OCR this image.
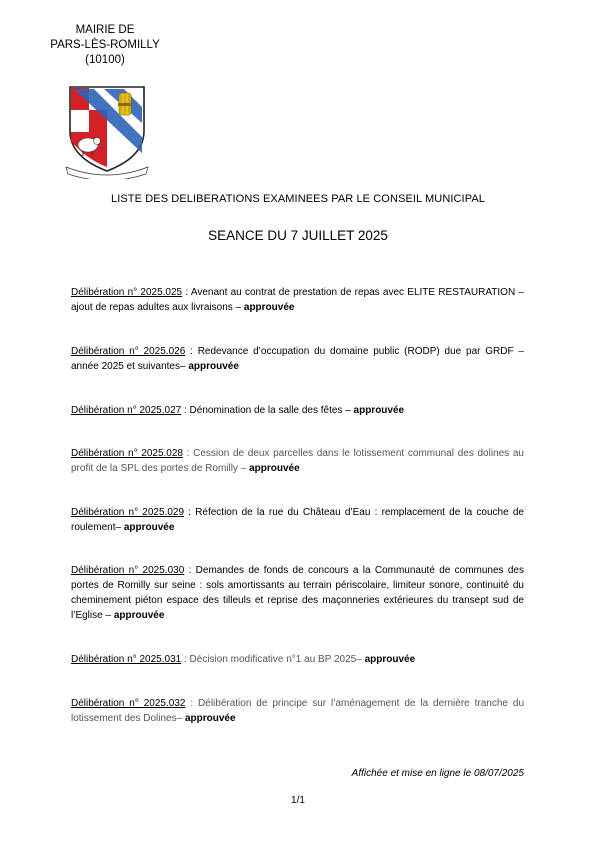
MAIRIE DE
PARS-LÈS-ROMILLY
(10100)
LISTE DES DELIBERATIONS EXAMINEES PAR LE CONSEIL MUNICIPAL
SEANCE DU 7 JUILLET 2025
Délibération n° 2025.025 : Avenant au contrat de prestation de repas avec ELITE RESTAURATION – ajout de repas adultes aux livraisons – approuvée
Délibération n° 2025.026 : Redevance d’occupation du domaine public (RODP) due par GRDF – année 2025 et suivantes– approuvée
Délibération n° 2025.027 : Dénomination de la salle des fêtes – approuvée
Délibération n° 2025.028 : Cession de deux parcelles dans le lotissement communal des dolines au profit de la SPL des portes de Romilly – approuvée
Délibération n° 2025.029 : Réfection de la rue du Château d’Eau : remplacement de la couche de roulement– approuvée
Délibération n° 2025.030 : Demandes de fonds de concours a la Communauté de communes des portes de Romilly sur seine : sols amortissants au terrain périscolaire, limiteur sonore, continuité du cheminement piéton espace des tilleuls et reprise des maçonneries extérieures du transept sud de l’Eglise – approuvée
Délibération n° 2025.031 : Décision modificative n°1 au BP 2025– approuvée
Délibération n° 2025.032 : Délibération de principe sur l’aménagement de la dernière tranche du lotissement des Dolines– approuvée
Affichée et mise en ligne le 08/07/2025
1/1
